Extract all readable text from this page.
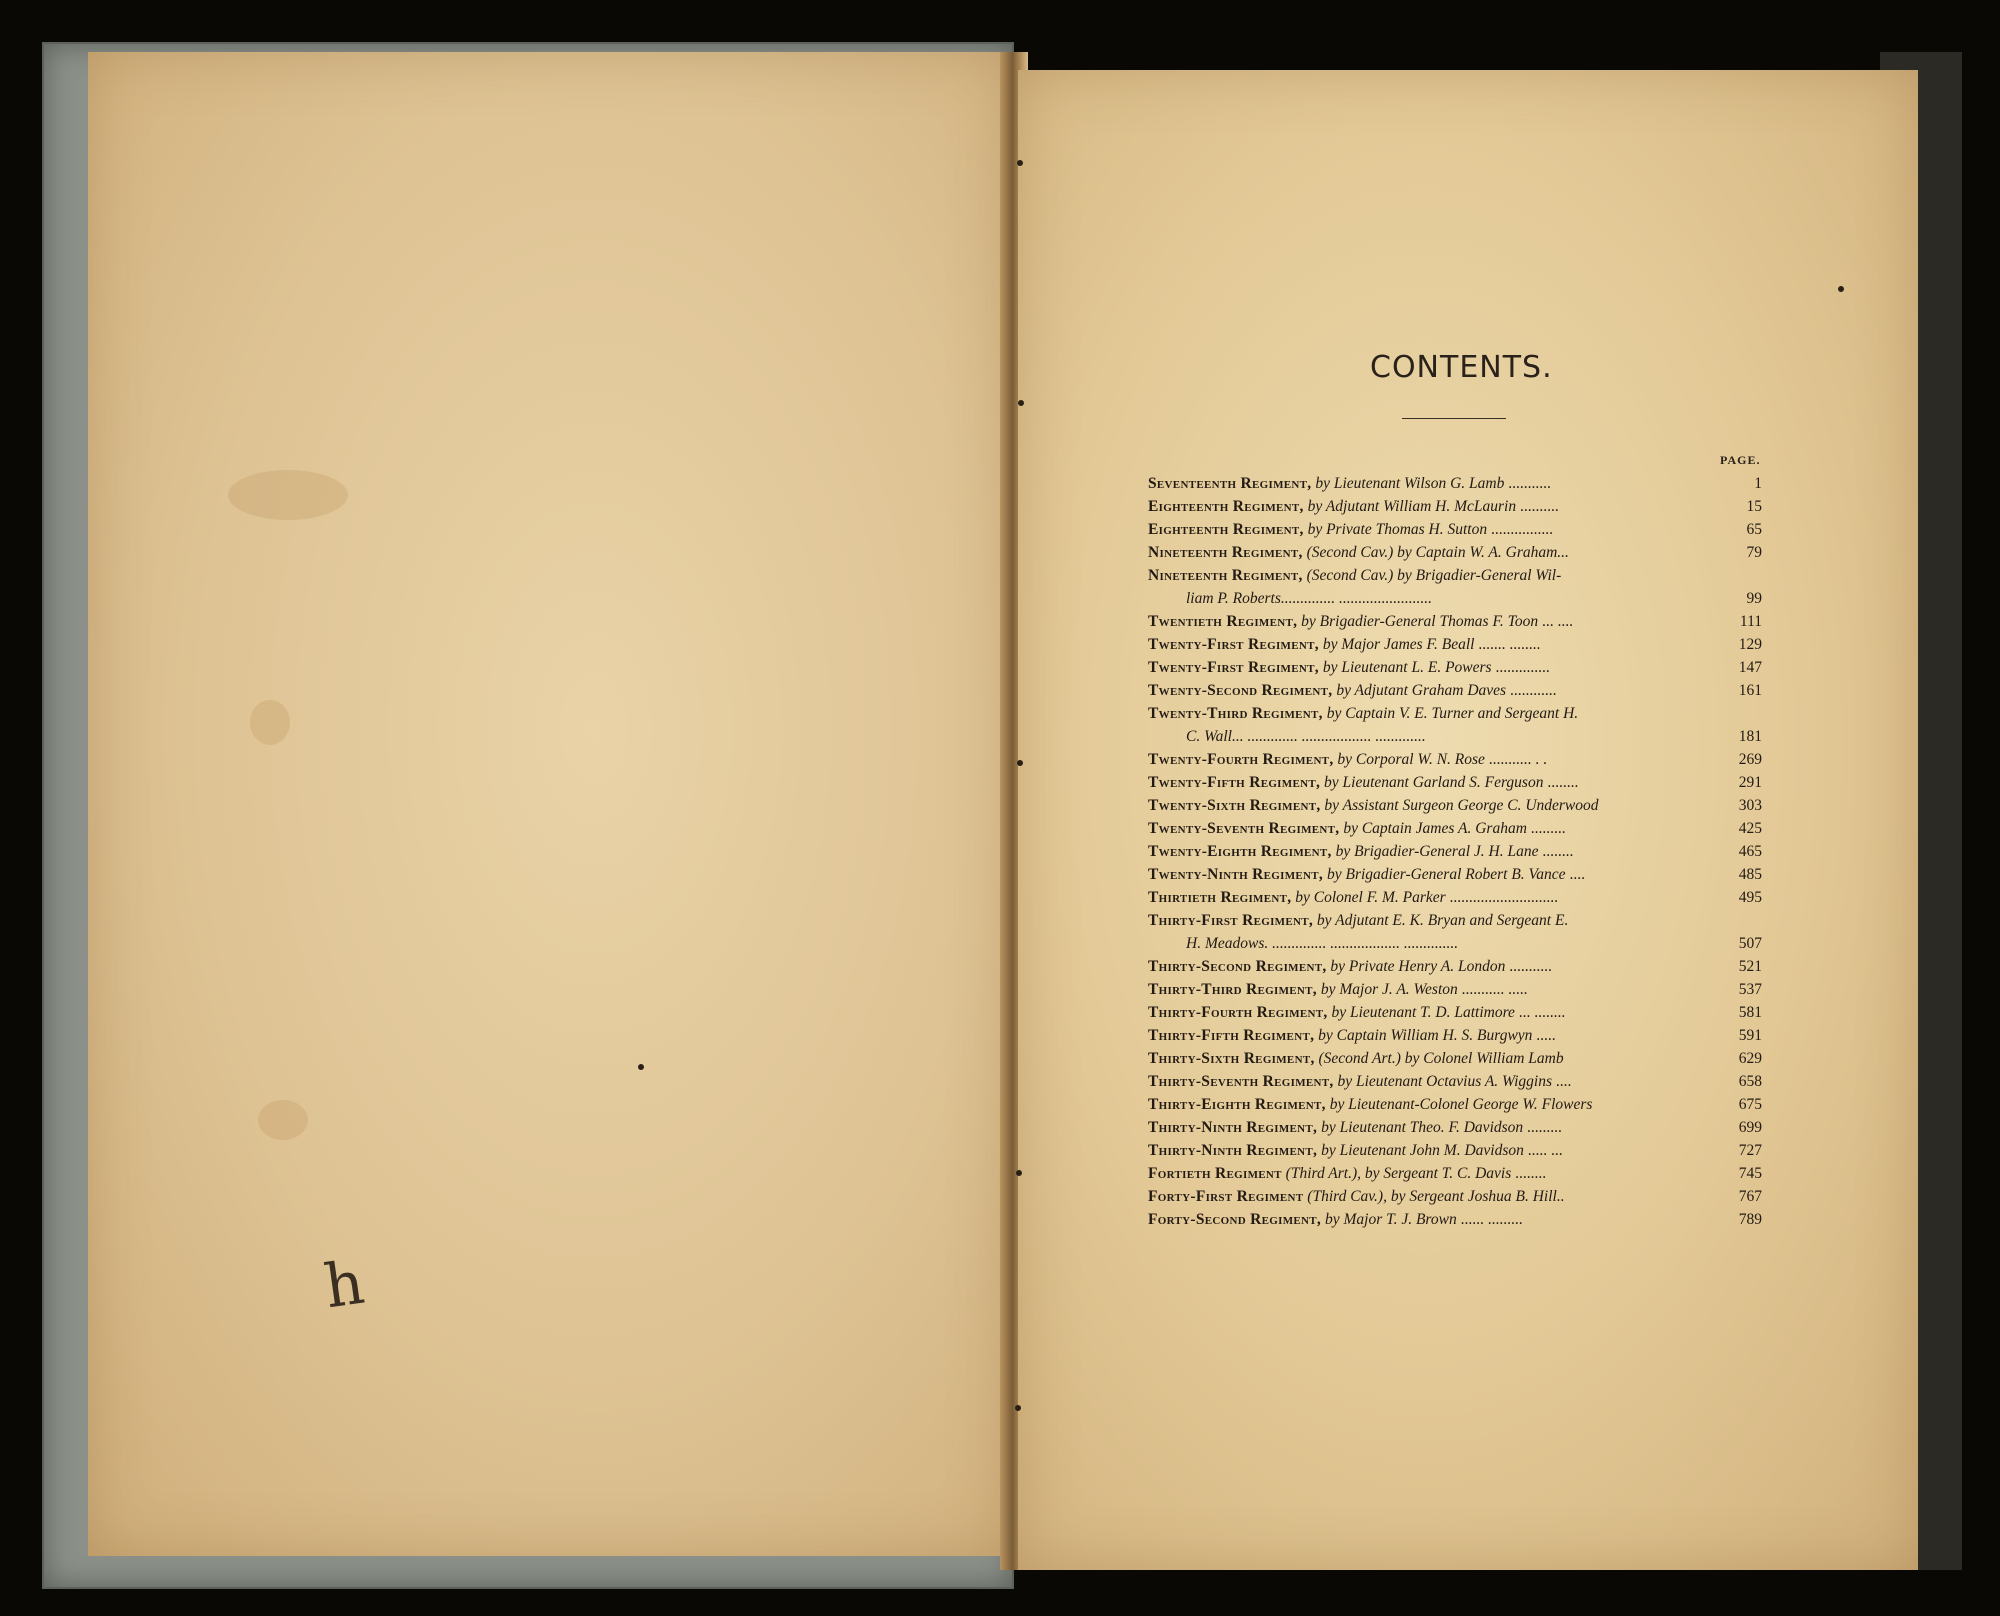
h
CONTENTS.
PAGE.
Seventeenth Regiment, by Lieutenant Wilson G. Lamb ...........	1
Eighteenth Regiment, by Adjutant William H. McLaurin ..........	15
Eighteenth Regiment, by Private Thomas H. Sutton ................	65
Nineteenth Regiment, (Second Cav.) by Captain W. A. Graham...	79
Nineteenth Regiment, (Second Cav.) by Brigadier-General Wil-
liam P. Roberts.............. ........................	99
Twentieth Regiment, by Brigadier-General Thomas F. Toon ... ....	111
Twenty-First Regiment, by Major James F. Beall ....... ........	129
Twenty-First Regiment, by Lieutenant L. E. Powers ..............	147
Twenty-Second Regiment, by Adjutant Graham Daves ............	161
Twenty-Third Regiment, by Captain V. E. Turner and Sergeant H.
C. Wall... ............. .................. .............	181
Twenty-Fourth Regiment, by Corporal W. N. Rose ........... . .	269
Twenty-Fifth Regiment, by Lieutenant Garland S. Ferguson ........	291
Twenty-Sixth Regiment, by Assistant Surgeon George C. Underwood	303
Twenty-Seventh Regiment, by Captain James A. Graham .........	425
Twenty-Eighth Regiment, by Brigadier-General J. H. Lane ........	465
Twenty-Ninth Regiment, by Brigadier-General Robert B. Vance ....	485
Thirtieth Regiment, by Colonel F. M. Parker ............................	495
Thirty-First Regiment, by Adjutant E. K. Bryan and Sergeant E.
H. Meadows. .............. .................. ..............	507
Thirty-Second Regiment, by Private Henry A. London ...........	521
Thirty-Third Regiment, by Major J. A. Weston ........... .....	537
Thirty-Fourth Regiment, by Lieutenant T. D. Lattimore ... ........	581
Thirty-Fifth Regiment, by Captain William H. S. Burgwyn .....	591
Thirty-Sixth Regiment, (Second Art.) by Colonel William Lamb	629
Thirty-Seventh Regiment, by Lieutenant Octavius A. Wiggins ....	658
Thirty-Eighth Regiment, by Lieutenant-Colonel George W. Flowers	675
Thirty-Ninth Regiment, by Lieutenant Theo. F. Davidson .........	699
Thirty-Ninth Regiment, by Lieutenant John M. Davidson ..... ...	727
Fortieth Regiment (Third Art.), by Sergeant T. C. Davis ........	745
Forty-First Regiment (Third Cav.), by Sergeant Joshua B. Hill..	767
Forty-Second Regiment, by Major T. J. Brown ...... .........	789
